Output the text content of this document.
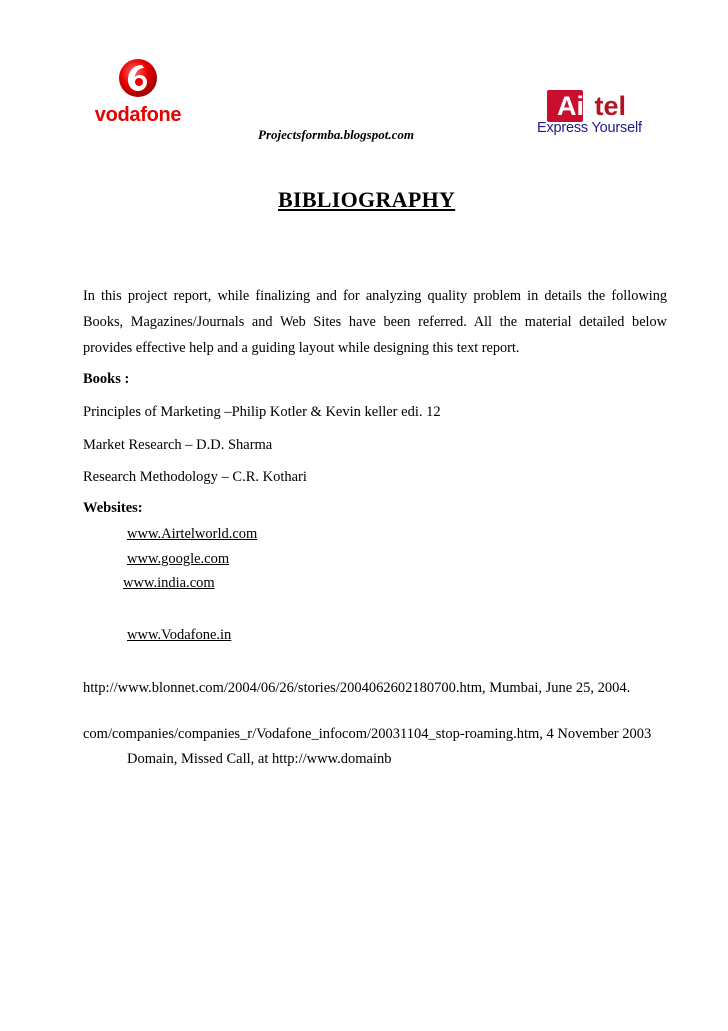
vodafone	Airtel
Express Yourself
Projectsformba.blogspot.com
BIBLIOGRAPHY

In this project report, while finalizing and for analyzing quality problem in details the following Books, Magazines/Journals and Web Sites have been referred. All the material detailed below provides effective help and a guiding layout while designing this text report.

Books :
Principles of Marketing –Philip Kotler & Kevin keller edi. 12
Market Research – D.D. Sharma
Research Methodology – C.R. Kothari
Websites:
www.Airtelworld.com
www.google.com
www.india.com
www.Vodafone.in
http://www.blonnet.com/2004/06/26/stories/2004062602180700.htm, Mumbai, June 25, 2004.
com/companies/companies_r/Vodafone_infocom/20031104_stop-roaming.htm, 4 November 2003
Domain, Missed Call, at http://www.domainb
